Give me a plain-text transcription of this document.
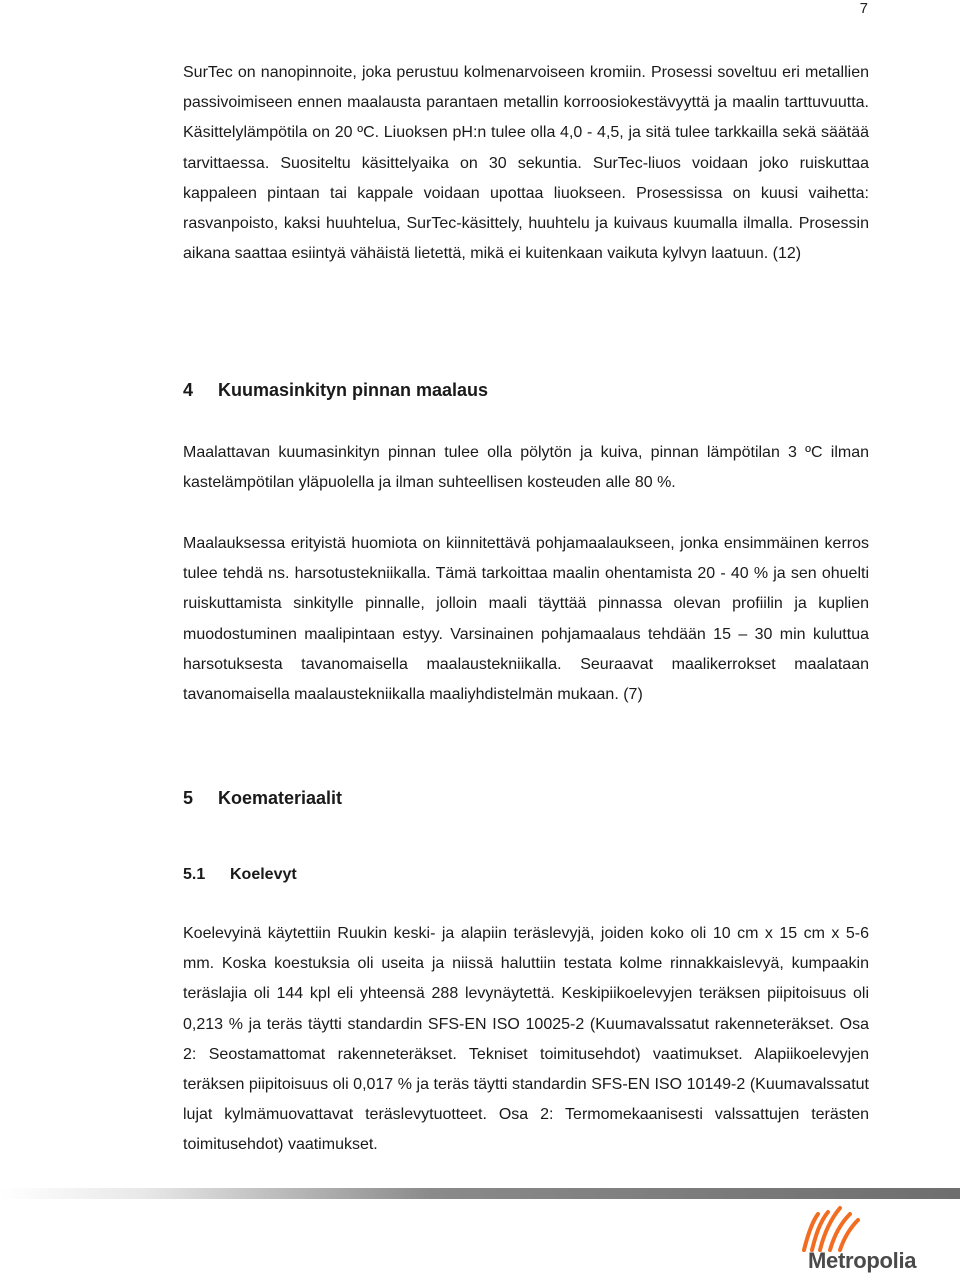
7

SurTec on nanopinnoite, joka perustuu kolmenarvoiseen kromiin. Prosessi soveltuu eri metallien passivoimiseen ennen maalausta parantaen metallin korroosiokestävyyttä ja maalin tarttuvuutta. Käsittelylämpötila on 20 ºC. Liuoksen pH:n tulee olla 4,0 - 4,5, ja sitä tulee tarkkailla sekä säätää tarvittaessa. Suositeltu käsittelyaika on 30 sekuntia. SurTec-liuos voidaan joko ruiskuttaa kappaleen pintaan tai kappale voidaan upottaa liuokseen. Prosessissa on kuusi vaihetta: rasvanpoisto, kaksi huuhtelua, SurTec-käsittely, huuhtelu ja kuivaus kuumalla ilmalla. Prosessin aikana saattaa esiintyä vähäistä lietettä, mikä ei kuitenkaan vaikuta kylvyn laatuun. (12)

4 Kuumasinkityn pinnan maalaus

Maalattavan kuumasinkityn pinnan tulee olla pölytön ja kuiva, pinnan lämpötilan 3 ºC ilman kastelämpötilan yläpuolella ja ilman suhteellisen kosteuden alle 80 %.

Maalauksessa erityistä huomiota on kiinnitettävä pohjamaalaukseen, jonka ensimmäinen kerros tulee tehdä ns. harsotustekniikalla. Tämä tarkoittaa maalin ohentamista 20 - 40 % ja sen ohuelti ruiskuttamista sinkitylle pinnalle, jolloin maali täyttää pinnassa olevan profiilin ja kuplien muodostuminen maalipintaan estyy. Varsinainen pohjamaalaus tehdään 15 – 30 min kuluttua harsotuksesta tavanomaisella maalaustekniikalla. Seuraavat maalikerrokset maalataan tavanomaisella maalaustekniikalla maaliyhdistelmän mukaan. (7)

5 Koemateriaalit
5.1 Koelevyt

Koelevyinä käytettiin Ruukin keski- ja alapiin teräslevyjä, joiden koko oli 10 cm x 15 cm x 5-6 mm. Koska koestuksia oli useita ja niissä haluttiin testata kolme rinnakkaislevyä, kumpaakin teräslajia oli 144 kpl eli yhteensä 288 levynäytettä. Keskipiikoelevyjen teräksen piipitoisuus oli 0,213 % ja teräs täytti standardin SFS-EN ISO 10025-2 (Kuumavalssatut rakenneteräkset. Osa 2: Seostamattomat rakenneteräkset. Tekniset toimitusehdot) vaatimukset. Alapiikoelevyjen teräksen piipitoisuus oli 0,017 % ja teräs täytti standardin SFS-EN ISO 10149-2 (Kuumavalssatut lujat kylmämuovattavat teräslevytuotteet. Osa 2: Termomekaanisesti valssattujen terästen toimitusehdot) vaatimukset.

Metropolia
